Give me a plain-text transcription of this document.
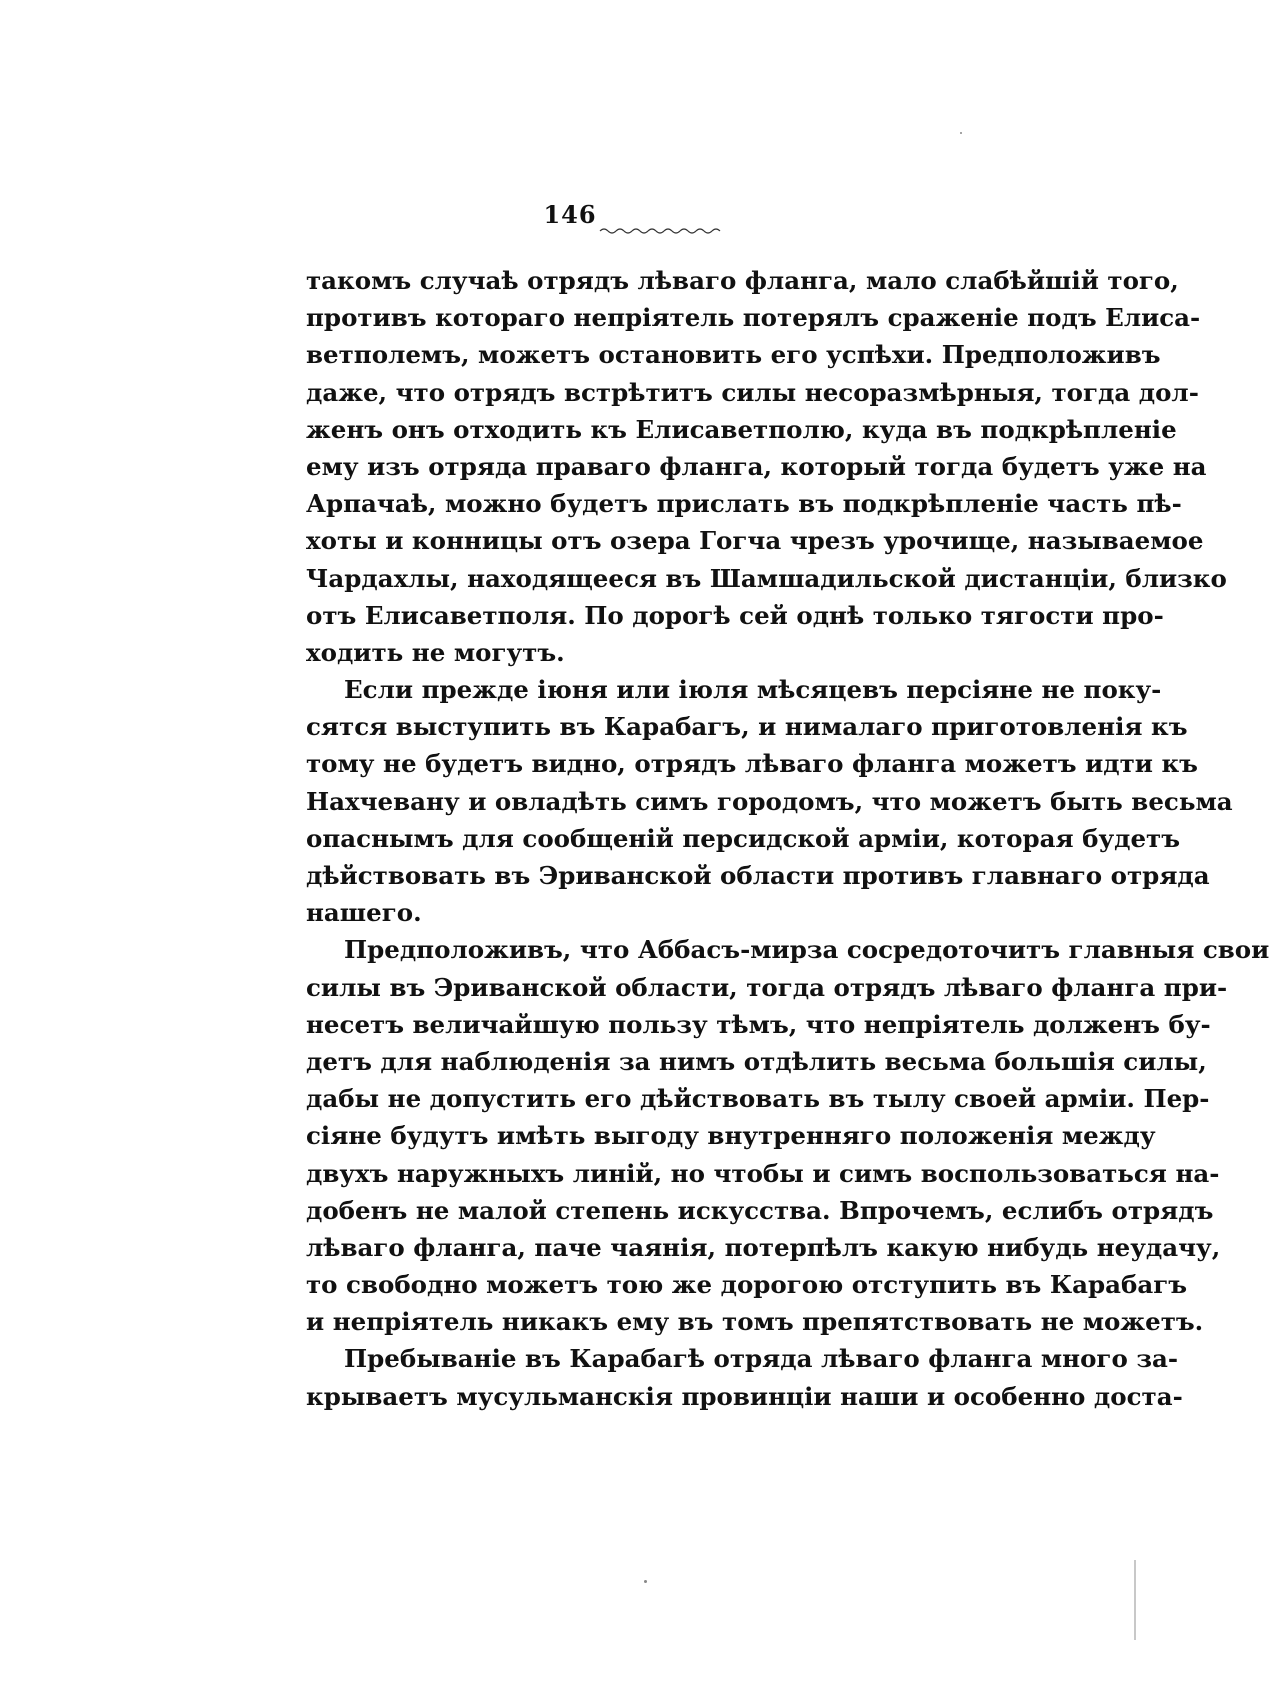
146
такомъ случаѣ отрядъ лѣваго фланга, мало слабѣйшій того,
противъ котораго непріятель потерялъ сраженіе подъ Елиса-
ветполемъ, можетъ остановить его успѣхи. Предположивъ
даже, что отрядъ встрѣтитъ силы несоразмѣрныя, тогда дол-
женъ онъ отходить къ Елисаветполю, куда въ подкрѣпленіе
ему изъ отряда праваго фланга, который тогда будетъ уже на
Арпачаѣ, можно будетъ прислать въ подкрѣпленіе часть пѣ-
хоты и конницы отъ озера Гогча чрезъ урочище, называемое
Чардахлы, находящееся въ Шамшадильской дистанціи, близко
отъ Елисаветполя. По дорогѣ сей однѣ только тягости про-
ходить не могутъ.
Если прежде іюня или іюля мѣсяцевъ персіяне не поку-
сятся выступить въ Карабагъ, и нималаго приготовленія къ
тому не будетъ видно, отрядъ лѣваго фланга можетъ идти къ
Нахчевану и овладѣть симъ городомъ, что можетъ быть весьма
опаснымъ для сообщеній персидской арміи, которая будетъ
дѣйствовать въ Эриванской области противъ главнаго отряда
нашего.
Предположивъ, что Аббасъ-мирза сосредоточитъ главныя свои
силы въ Эриванской области, тогда отрядъ лѣваго фланга при-
несетъ величайшую пользу тѣмъ, что непріятель долженъ бу-
детъ для наблюденія за нимъ отдѣлить весьма большія силы,
дабы не допустить его дѣйствовать въ тылу своей арміи. Пер-
сіяне будутъ имѣть выгоду внутренняго положенія между
двухъ наружныхъ линій, но чтобы и симъ воспользоваться на-
добенъ не малой степень искусства. Впрочемъ, еслибъ отрядъ
лѣваго фланга, паче чаянія, потерпѣлъ какую нибудь неудачу,
то свободно можетъ тою же дорогою отступить въ Карабагъ
и непріятель никакъ ему въ томъ препятствовать не можетъ.
Пребываніе въ Карабагѣ отряда лѣваго фланга много за-
крываетъ мусульманскія провинціи наши и особенно доста-
